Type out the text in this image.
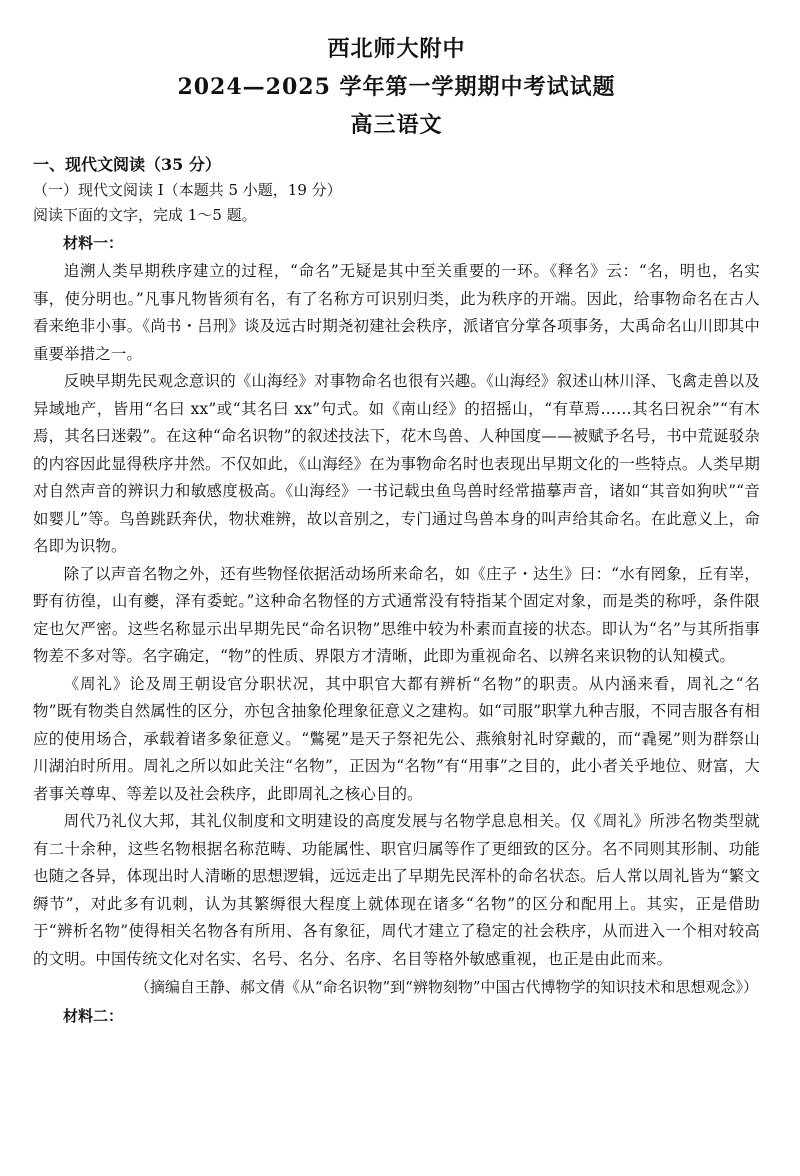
西北师大附中
2024—2025 学年第一学期期中考试试题
高三语文
一、现代文阅读（35 分）
（一）现代文阅读 I（本题共 5 小题，19 分）
阅读下面的文字，完成 1～5 题。
材料一：

追溯人类早期秩序建立的过程，“命名”无疑是其中至关重要的一环。《释名》云：“名，明也，名实事，使分明也。”凡事凡物皆须有名，有了名称方可识别归类，此为秩序的开端。因此，给事物命名在古人看来绝非小事。《尚书・吕刑》谈及远古时期尧初建社会秩序，派诸官分掌各项事务，大禹命名山川即其中重要举措之一。

反映早期先民观念意识的《山海经》对事物命名也很有兴趣。《山海经》叙述山林川泽、飞禽走兽以及异域地产，皆用“名曰 xx”或“其名曰 xx”句式。如《南山经》的招摇山，“有草焉……其名曰祝余”“有木焉，其名曰迷榖”。在这种“命名识物”的叙述技法下，花木鸟兽、人种国度——被赋予名号，书中荒诞驳杂的内容因此显得秩序井然。不仅如此，《山海经》在为事物命名时也表现出早期文化的一些特点。人类早期对自然声音的辨识力和敏感度极高。《山海经》一书记载虫鱼鸟兽时经常描摹声音，诸如“其音如狗吠”“音如婴儿”等。鸟兽跳跃奔伏，物状难辨，故以音别之，专门通过鸟兽本身的叫声给其命名。在此意义上，命名即为识物。

除了以声音名物之外，还有些物怪依据活动场所来命名，如《庄子・达生》曰：“水有罔象，丘有峷，野有彷徨，山有夔，泽有委蛇。”这种命名物怪的方式通常没有特指某个固定对象，而是类的称呼，条件限定也欠严密。这些名称显示出早期先民“命名识物”思维中较为朴素而直接的状态。即认为“名”与其所指事物差不多对等。名字确定，“物”的性质、界限方才清晰，此即为重视命名、以辨名来识物的认知模式。

《周礼》论及周王朝设官分职状况，其中职官大都有辨析“名物”的职责。从内涵来看，周礼之“名物”既有物类自然属性的区分，亦包含抽象伦理象征意义之建构。如“司服”职掌九种吉服，不同吉服各有相应的使用场合，承载着诸多象征意义。“鷩冕”是天子祭祀先公、燕飨射礼时穿戴的，而“毳冕”则为群祭山川湖泊时所用。周礼之所以如此关注“名物”，正因为“名物”有“用事”之目的，此小者关乎地位、财富，大者事关尊卑、等差以及社会秩序，此即周礼之核心目的。

周代乃礼仪大邦，其礼仪制度和文明建设的高度发展与名物学息息相关。仅《周礼》所涉名物类型就有二十余种，这些名物根据名称范畴、功能属性、职官归属等作了更细致的区分。名不同则其形制、功能也随之各异，体现出时人清晰的思想逻辑，远远走出了早期先民浑朴的命名状态。后人常以周礼皆为“繁文缛节”，对此多有讥刺，认为其繁缛很大程度上就体现在诸多“名物”的区分和配用上。其实，正是借助于“辨析名物”使得相关名物各有所用、各有象征，周代才建立了稳定的社会秩序，从而进入一个相对较高的文明。中国传统文化对名实、名号、名分、名序、名目等格外敏感重视，也正是由此而来。

（摘编自王静、郝文倩《从“命名识物”到“辨物刻物”中国古代博物学的知识技术和思想观念》）
材料二：
